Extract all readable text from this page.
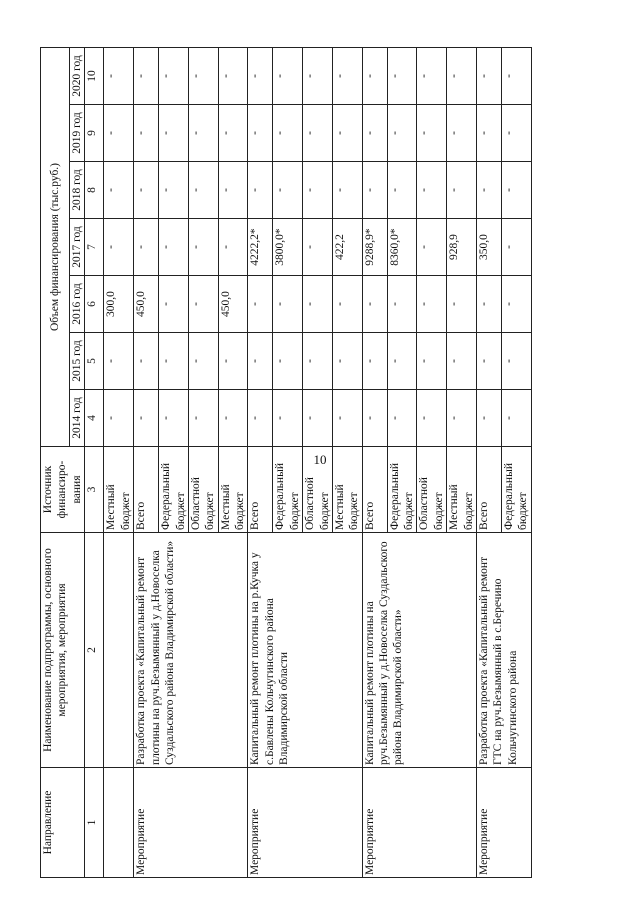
10
Направление	Наименование подпрограммы, основного мероприятия, мероприятия	Источник финансиро-вания	Объем финансирования (тыс.руб.)						
			2014 год	2015 год	2016 год	2017 год	2018 год	2019 год	2020 год
1	2	3	4	5	6	7	8	9	10
		Местный бюджет	-	-	300,0	-	-	-	-
Мероприятие	Разработка проекта «Капитальный ремонт плотины на руч.Безымянный у д.Новоселка Суздальского района Владимирской области»	Всего	-	-	450,0	-	-	-	-
		Федеральный бюджет	-	-	-	-	-	-	-
		Областной бюджет	-	-	-	-	-	-	-
		Местный бюджет	-	-	450,0	-	-	-	-
Мероприятие	Капитальный ремонт плотины на р.Кучка у с.Бавлены Кольчугинского района Владимирской области	Всего	-	-	-	4222,2*	-	-	-
		Федеральный бюджет	-	-	-	3800,0*	-	-	-
		Областной бюджет	-	-	-	-	-	-	-
		Местный бюджет	-	-	-	422,2	-	-	-
Мероприятие	Капитальный ремонт плотины на руч.Безымянный у д.Новоселка Суздальского района Владимирской области»	Всего	-	-	-	9288,9*	-	-	-
		Федеральный бюджет	-	-	-	8360,0*	-	-	-
		Областной бюджет	-	-	-	-	-	-	-
		Местный бюджет	-	-	-	928,9	-	-	-
Мероприятие	Разработка проекта «Капитальный ремонт ГТС на руч.Безымянный в с.Беречино Кольчугинского района	Всего	-	-	-	350,0	-	-	-
		Федеральный бюджет	-	-	-	-	-	-	-
